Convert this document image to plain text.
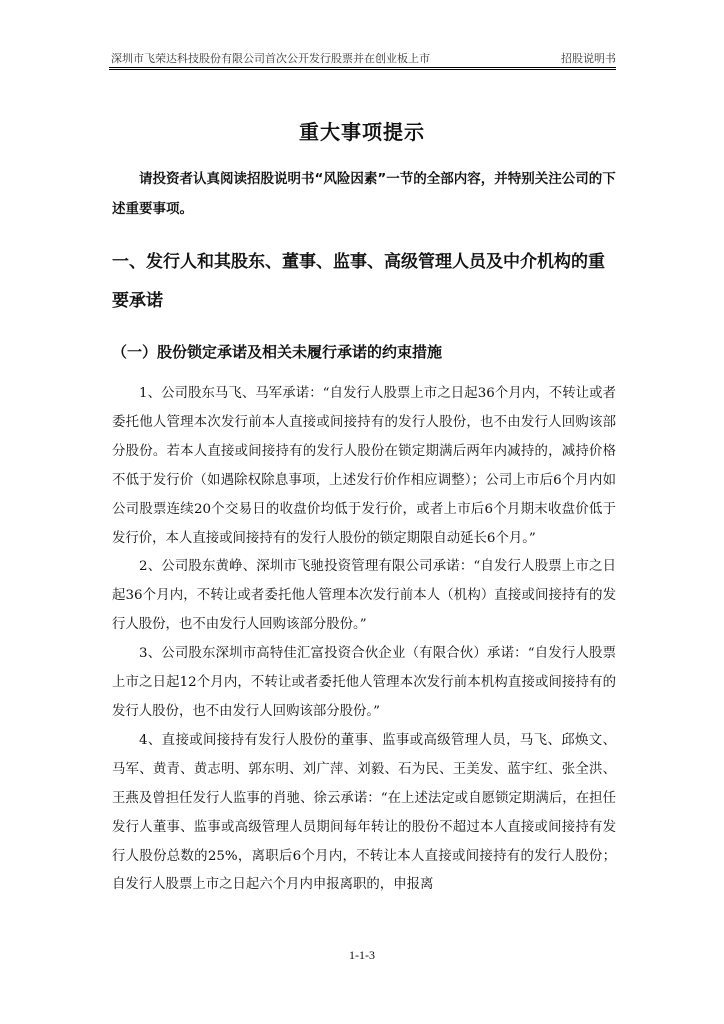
深圳市飞荣达科技股份有限公司首次公开发行股票并在创业板上市	招股说明书
重大事项提示

请投资者认真阅读招股说明书“风险因素”一节的全部内容，并特别关注公司的下述重要事项。

一、发行人和其股东、董事、监事、高级管理人员及中介机构的重要承诺

（一）股份锁定承诺及相关未履行承诺的约束措施

1、公司股东马飞、马军承诺：“自发行人股票上市之日起36个月内，不转让或者委托他人管理本次发行前本人直接或间接持有的发行人股份，也不由发行人回购该部分股份。若本人直接或间接持有的发行人股份在锁定期满后两年内减持的，减持价格不低于发行价（如遇除权除息事项，上述发行价作相应调整）；公司上市后6个月内如公司股票连续20个交易日的收盘价均低于发行价，或者上市后6个月期末收盘价低于发行价，本人直接或间接持有的发行人股份的锁定期限自动延长6个月。”

2、公司股东黄峥、深圳市飞驰投资管理有限公司承诺：“自发行人股票上市之日起36个月内，不转让或者委托他人管理本次发行前本人（机构）直接或间接持有的发行人股份，也不由发行人回购该部分股份。”

3、公司股东深圳市高特佳汇富投资合伙企业（有限合伙）承诺：“自发行人股票上市之日起12个月内，不转让或者委托他人管理本次发行前本机构直接或间接持有的发行人股份，也不由发行人回购该部分股份。”

4、直接或间接持有发行人股份的董事、监事或高级管理人员，马飞、邱焕文、马军、黄青、黄志明、郭东明、刘广萍、刘毅、石为民、王美发、蓝宇红、张全洪、王燕及曾担任发行人监事的肖驰、徐云承诺：“在上述法定或自愿锁定期满后，在担任发行人董事、监事或高级管理人员期间每年转让的股份不超过本人直接或间接持有发行人股份总数的25%，离职后6个月内，不转让本人直接或间接持有的发行人股份；自发行人股票上市之日起六个月内申报离职的，申报离

1-1-3
